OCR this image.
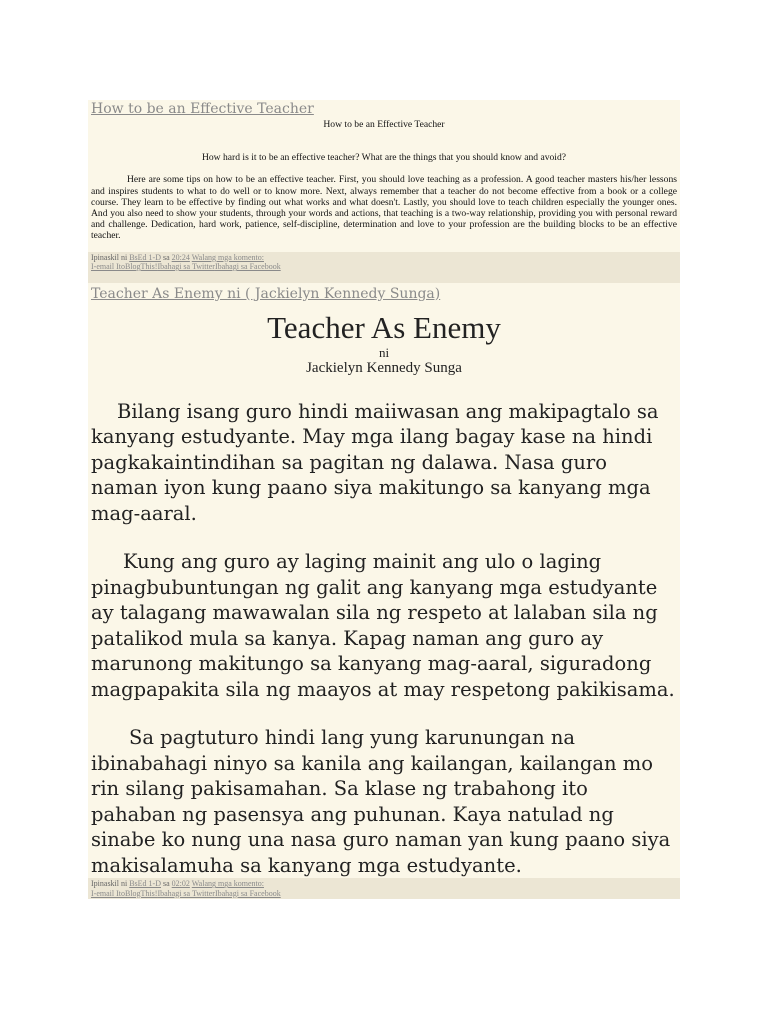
How to be an Effective Teacher
How to be an Effective Teacher
How hard is it to be an effective teacher? What are the things that you should know and avoid?
Here are some tips on how to be an effective teacher. First, you should love teaching as a profession. A good teacher masters his/her lessons and inspires students to what to do well or to know more. Next, always remember that a teacher do not become effective from a book or a college course. They learn to be effective by finding out what works and what doesn't. Lastly, you should love to teach children especially the younger ones. And you also need to show your students, through your words and actions, that teaching is a two-way relationship, providing you with personal reward and challenge. Dedication, hard work, patience, self-discipline, determination and love to your profession are the building blocks to be an effective teacher.
Ipinaskil ni BsEd 1-D sa 20:24 Walang mga komento:
I-email ItoBlogThis!Ibahagi sa TwitterIbahagi sa Facebook
Teacher As Enemy ni ( Jackielyn Kennedy Sunga)
Teacher As Enemy
ni
Jackielyn Kennedy Sunga

Bilang isang guro hindi maiiwasan ang makipagtalo sa kanyang estudyante. May mga ilang bagay kase na hindi pagkakaintindihan sa pagitan ng dalawa. Nasa guro naman iyon kung paano siya makitungo sa kanyang mga mag-aaral.

Kung ang guro ay laging mainit ang ulo o laging pinagbubuntungan ng galit ang kanyang mga estudyante ay talagang mawawalan sila ng respeto at lalaban sila ng patalikod mula sa kanya. Kapag naman ang guro ay marunong makitungo sa kanyang mag-aaral, siguradong magpapakita sila ng maayos at may respetong pakikisama.

Sa pagtuturo hindi lang yung karunungan na ibinabahagi ninyo sa kanila ang kailangan, kailangan mo rin silang pakisamahan. Sa klase ng trabahong ito pahaban ng pasensya ang puhunan. Kaya natulad ng sinabe ko nung una nasa guro naman yan kung paano siya makisalamuha sa kanyang mga estudyante.

Ipinaskil ni BsEd 1-D sa 02:02 Walang mga komento:
I-email ItoBlogThis!Ibahagi sa TwitterIbahagi sa Facebook
